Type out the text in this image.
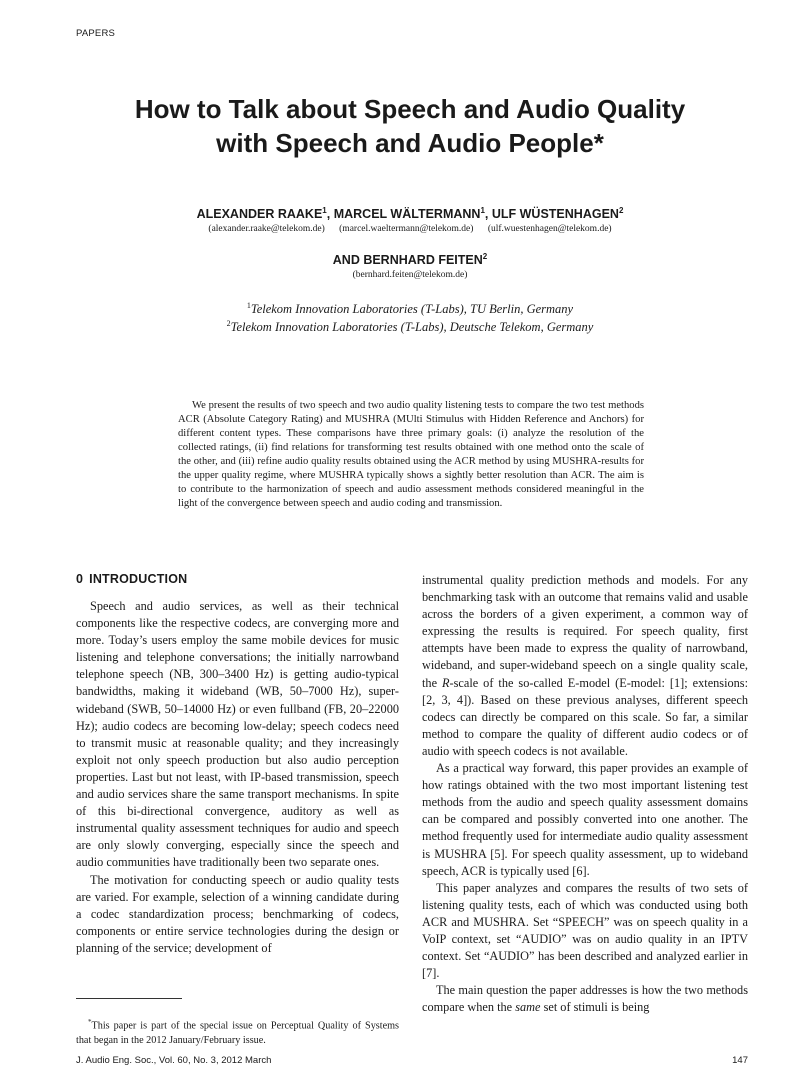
PAPERS
How to Talk about Speech and Audio Quality
with Speech and Audio People*
ALEXANDER RAAKE$^1$, MARCEL WÄLTERMANN$^1$, ULF WÜSTENHAGEN$^2$
(alexander.raake@telekom.de) (marcel.waeltermann@telekom.de) (ulf.wuestenhagen@telekom.de)
AND BERNHARD FEITEN$^2$
(bernhard.feiten@telekom.de)
$^1$Telekom Innovation Laboratories (T-Labs), TU Berlin, Germany
$^2$Telekom Innovation Laboratories (T-Labs), Deutsche Telekom, Germany

We present the results of two speech and two audio quality listening tests to compare the two test methods ACR (Absolute Category Rating) and MUSHRA (MUlti Stimulus with Hidden Reference and Anchors) for different content types. These comparisons have three primary goals: (i) analyze the resolution of the collected ratings, (ii) find relations for transforming test results obtained with one method onto the scale of the other, and (iii) refine audio quality results obtained using the ACR method by using MUSHRA-results for the upper quality regime, where MUSHRA typically shows a sightly better resolution than ACR. The aim is to contribute to the harmonization of speech and audio assessment methods considered meaningful in the light of the convergence between speech and audio coding and transmission.

0 INTRODUCTION

Speech and audio services, as well as their technical components like the respective codecs, are converging more and more. Today’s users employ the same mobile devices for music listening and telephone conversations; the initially narrowband telephone speech (NB, 300–3400 Hz) is getting audio-typical bandwidths, making it wideband (WB, 50–7000 Hz), super-wideband (SWB, 50–14000 Hz) or even fullband (FB, 20–22000 Hz); audio codecs are becoming low-delay; speech codecs need to transmit music at reasonable quality; and they increasingly exploit not only speech production but also audio perception properties. Last but not least, with IP-based transmission, speech and audio services share the same transport mechanisms. In spite of this bi-directional convergence, auditory as well as instrumental quality assessment techniques for audio and speech are only slowly converging, especially since the speech and audio communities have traditionally been two separate ones.

The motivation for conducting speech or audio quality tests are varied. For example, selection of a winning candidate during a codec standardization process; benchmarking of codecs, components or entire service technologies during the design or planning of the service; development of

instrumental quality prediction methods and models. For any benchmarking task with an outcome that remains valid and usable across the borders of a given experiment, a common way of expressing the results is required. For speech quality, first attempts have been made to express the quality of narrowband, wideband, and super-wideband speech on a single quality scale, the R-scale of the so-called E-model (E-model: [1]; extensions: [2, 3, 4]). Based on these previous analyses, different speech codecs can directly be compared on this scale. So far, a similar method to compare the quality of different audio codecs or of audio with speech codecs is not available.

As a practical way forward, this paper provides an example of how ratings obtained with the two most important listening test methods from the audio and speech quality assessment domains can be compared and possibly converted into one another. The method frequently used for intermediate audio quality assessment is MUSHRA [5]. For speech quality assessment, up to wideband speech, ACR is typically used [6].

This paper analyzes and compares the results of two sets of listening quality tests, each of which was conducted using both ACR and MUSHRA. Set “SPEECH” was on speech quality in a VoIP context, set “AUDIO” was on audio quality in an IPTV context. Set “AUDIO” has been described and analyzed earlier in [7].

The main question the paper addresses is how the two methods compare when the same set of stimuli is being

*This paper is part of the special issue on Perceptual Quality of Systems that began in the 2012 January/February issue.

J. Audio Eng. Soc., Vol. 60, No. 3, 2012 March	147
